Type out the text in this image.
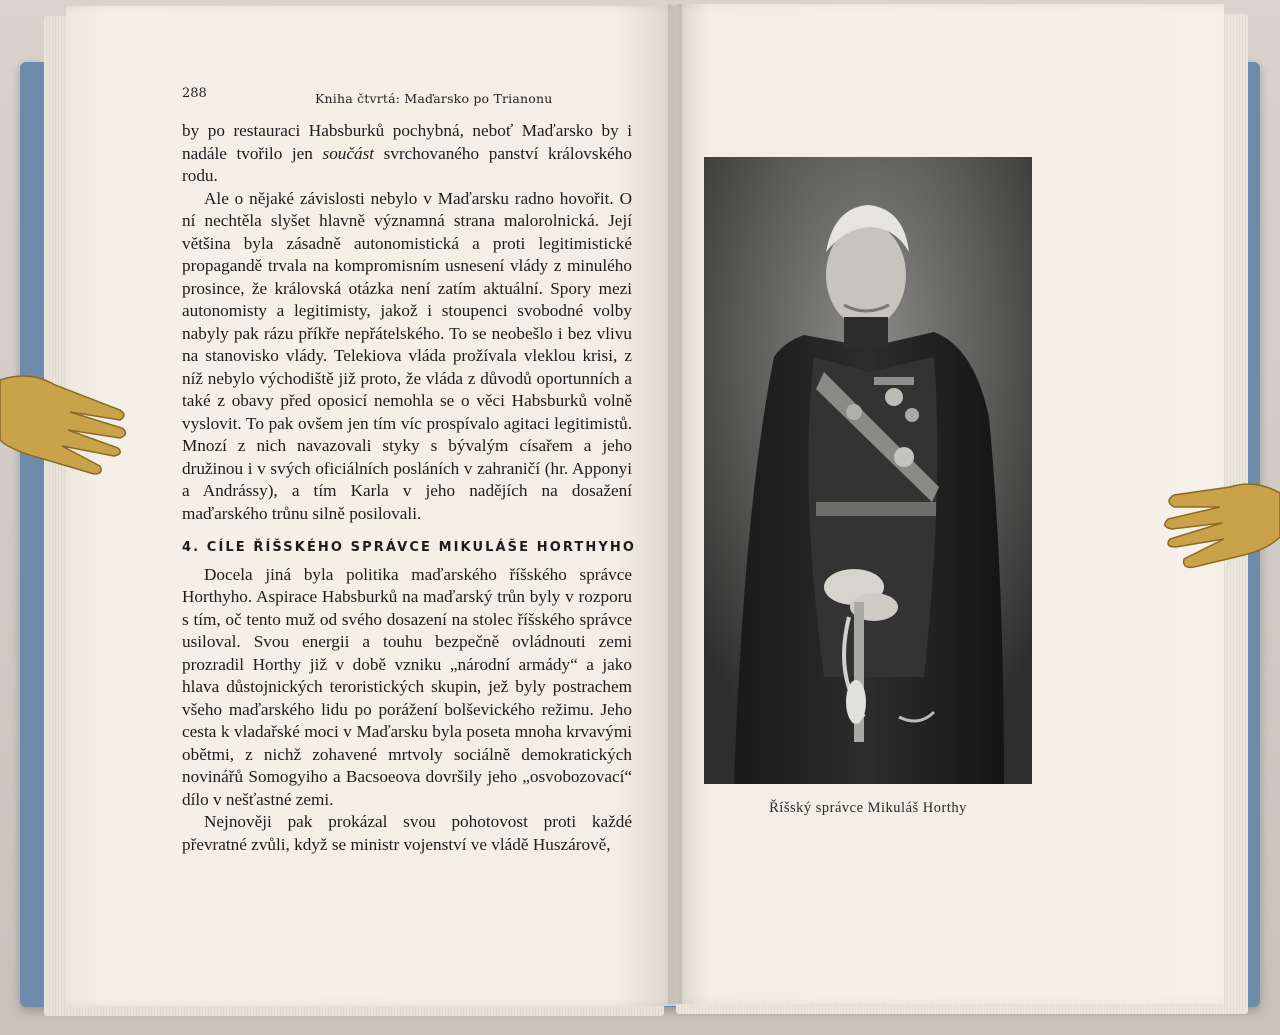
288	Kniha čtvrtá: Maďarsko po Trianonu

by po restauraci Habsburků pochybná, neboť Maďarsko by i nadále tvořilo jen součást svrchovaného panství královského rodu.

Ale o nějaké závislosti nebylo v Maďarsku radno hovořit. O ní nechtěla slyšet hlavně významná strana malorolnická. Její většina byla zásadně autonomistická a proti legitimistické propagandě trvala na kompromisním usnesení vlády z minulého prosince, že královská otázka není zatím aktuální. Spory mezi autonomisty a legitimisty, jakož i stoupenci svobodné volby nabyly pak rázu příkře nepřátelského. To se neobešlo i bez vlivu na stanovisko vlády. Telekiova vláda prožívala vleklou krisi, z níž nebylo východiště již proto, že vláda z důvodů oportunních a také z obavy před oposicí nemohla se o věci Habsburků volně vyslovit. To pak ovšem jen tím víc prospívalo agitaci legitimistů. Mnozí z nich navazovali styky s bývalým císařem a jeho družinou i v svých oficiálních posláních v zahraničí (hr. Apponyi a Andrássy), a tím Karla v jeho nadějích na dosažení maďarského trůnu silně posilovali.

4. CÍLE ŘÍŠSKÉHO SPRÁVCE MIKULÁŠE HORTHYHO

Docela jiná byla politika maďarského říšského správce Horthyho. Aspirace Habsburků na maďarský trůn byly v rozporu s tím, oč tento muž od svého dosazení na stolec říšského správce usiloval. Svou energii a touhu bezpečně ovládnouti zemi prozradil Horthy již v době vzniku „národní armády“ a jako hlava důstojnických teroristických skupin, jež byly postrachem všeho maďarského lidu po porážení bolševického režimu. Jeho cesta k vladařské moci v Maďarsku byla poseta mnoha krvavými obětmi, z nichž zohavené mrtvoly sociálně demokratických novinářů Somogyiho a Bacsoeova dovršily jeho „osvobozovací“ dílo v nešťastné zemi.

Nejnověji pak prokázal svou pohotovost proti každé převratné zvůli, když se ministr vojenství ve vládě Huszárově,

Říšský správce Mikuláš Horthy
